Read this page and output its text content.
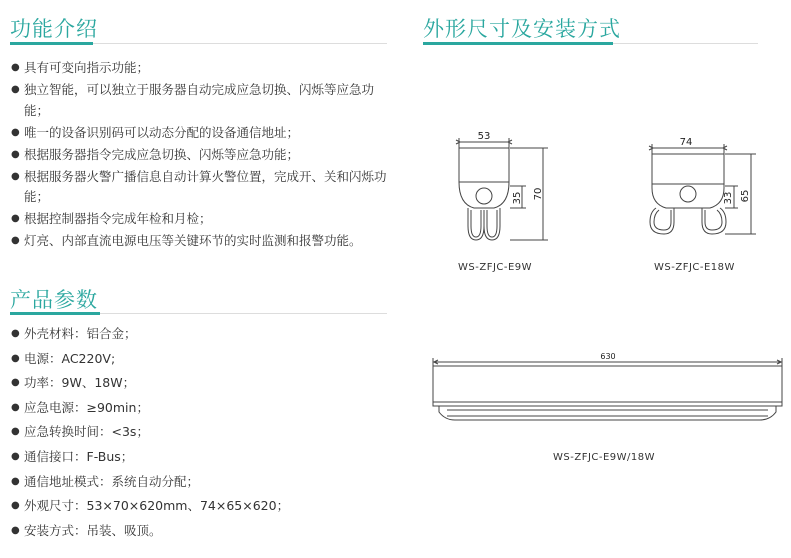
功能介绍
● 具有可变向指示功能；
● 独立智能，可以独立于服务器自动完成应急切换、闪烁等应急功能；
● 唯一的设备识别码可以动态分配的设备通信地址；
● 根据服务器指令完成应急切换、闪烁等应急功能；
● 根据服务器火警广播信息自动计算火警位置，完成开、关和闪烁功能；
● 根据控制器指令完成年检和月检；
● 灯亮、内部直流电源电压等关键环节的实时监测和报警功能。
产品参数
● 外壳材料：铝合金；
● 电源：AC220V;
● 功率：9W、18W；
● 应急电源：≥90min；
● 应急转换时间：<3s；
● 通信接口：F-Bus；
● 通信地址模式：系统自动分配；
● 外观尺寸：53×70×620mm、74×65×620；
● 安装方式：吊装、吸顶。
外形尺寸及安装方式
53
35 70
WS-ZFJC-E9W
74
33 65
WS-ZFJC-E18W
630
WS-ZFJC-E9W/18W
